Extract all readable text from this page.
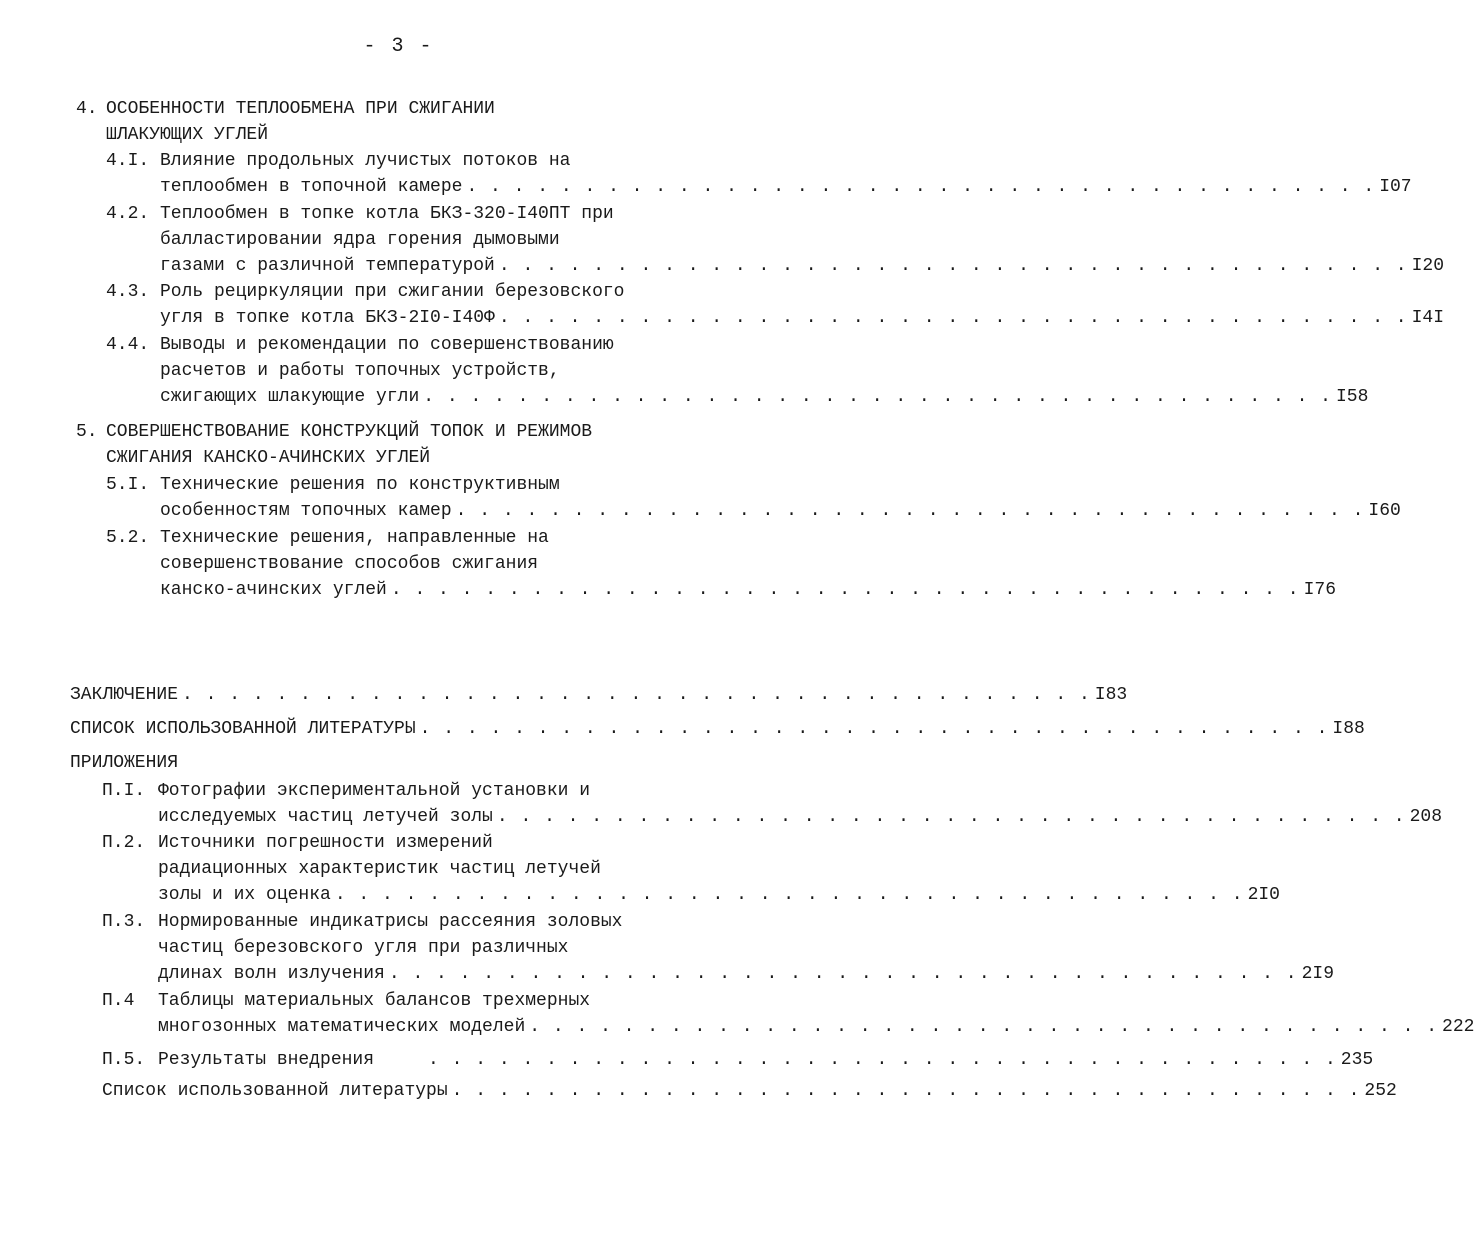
- 3 -
4. ОСОБЕННОСТИ ТЕПЛООБМЕНА ПРИ СЖИГАНИИ
ШЛАКУЮЩИХ УГЛЕЙ
4.I. Влияние продольных лучистых потоков на
теплообмен в топочной камере . . . . . . . . . . . . . . . . . . . . . . . . . . . . . . . . . . . . . . . I07
4.2. Теплообмен в топке котла БКЗ-320-I40ПТ при
балластировании ядра горения дымовыми
газами с различной температурой . . . . . . . . . . . . . . . . . . . . . . . . . . . . . . . . . . . . . . . I20
4.3. Роль рециркуляции при сжигании березовского
угля в топке котла БКЗ-2I0-I40Ф . . . . . . . . . . . . . . . . . . . . . . . . . . . . . . . . . . . . . . . I4I
4.4. Выводы и рекомендации по совершенствованию
расчетов и работы топочных устройств,
сжигающих шлакующие угли . . . . . . . . . . . . . . . . . . . . . . . . . . . . . . . . . . . . . . . I58
5. СОВЕРШЕНСТВОВАНИЕ КОНСТРУКЦИЙ ТОПОК И РЕЖИМОВ
СЖИГАНИЯ КАНСКО-АЧИНСКИХ УГЛЕЙ
5.I. Технические решения по конструктивным
особенностям топочных камер . . . . . . . . . . . . . . . . . . . . . . . . . . . . . . . . . . . . . . . I60
5.2. Технические решения, направленные на
совершенствование способов сжигания
канско-ачинских углей . . . . . . . . . . . . . . . . . . . . . . . . . . . . . . . . . . . . . . . I76
ЗАКЛЮЧЕНИЕ . . . . . . . . . . . . . . . . . . . . . . . . . . . . . . . . . . . . . . . I83
СПИСОК ИСПОЛЬЗОВАННОЙ ЛИТЕРАТУРЫ . . . . . . . . . . . . . . . . . . . . . . . . . . . . . . . . . . . . . . . I88
ПРИЛОЖЕНИЯ
П.I. Фотографии экспериментальной установки и
исследуемых частиц летучей золы . . . . . . . . . . . . . . . . . . . . . . . . . . . . . . . . . . . . . . . 208
П.2. Источники погрешности измерений
радиационных характеристик частиц летучей
золы и их оценка . . . . . . . . . . . . . . . . . . . . . . . . . . . . . . . . . . . . . . . 2I0
П.3. Нормированные индикатрисы рассеяния золовых
частиц березовского угля при различных
длинах волн излучения . . . . . . . . . . . . . . . . . . . . . . . . . . . . . . . . . . . . . . . 2I9
П.4 Таблицы материальных балансов трехмерных
многозонных математических моделей . . . . . . . . . . . . . . . . . . . . . . . . . . . . . . . . . . . . . . . 222
П.5. Результаты внедрения	. . . . . . . . . . . . . . . . . . . . . . . . . . . . . . . . . . . . . . . 235
Список использованной литературы . . . . . . . . . . . . . . . . . . . . . . . . . . . . . . . . . . . . . . . 252
